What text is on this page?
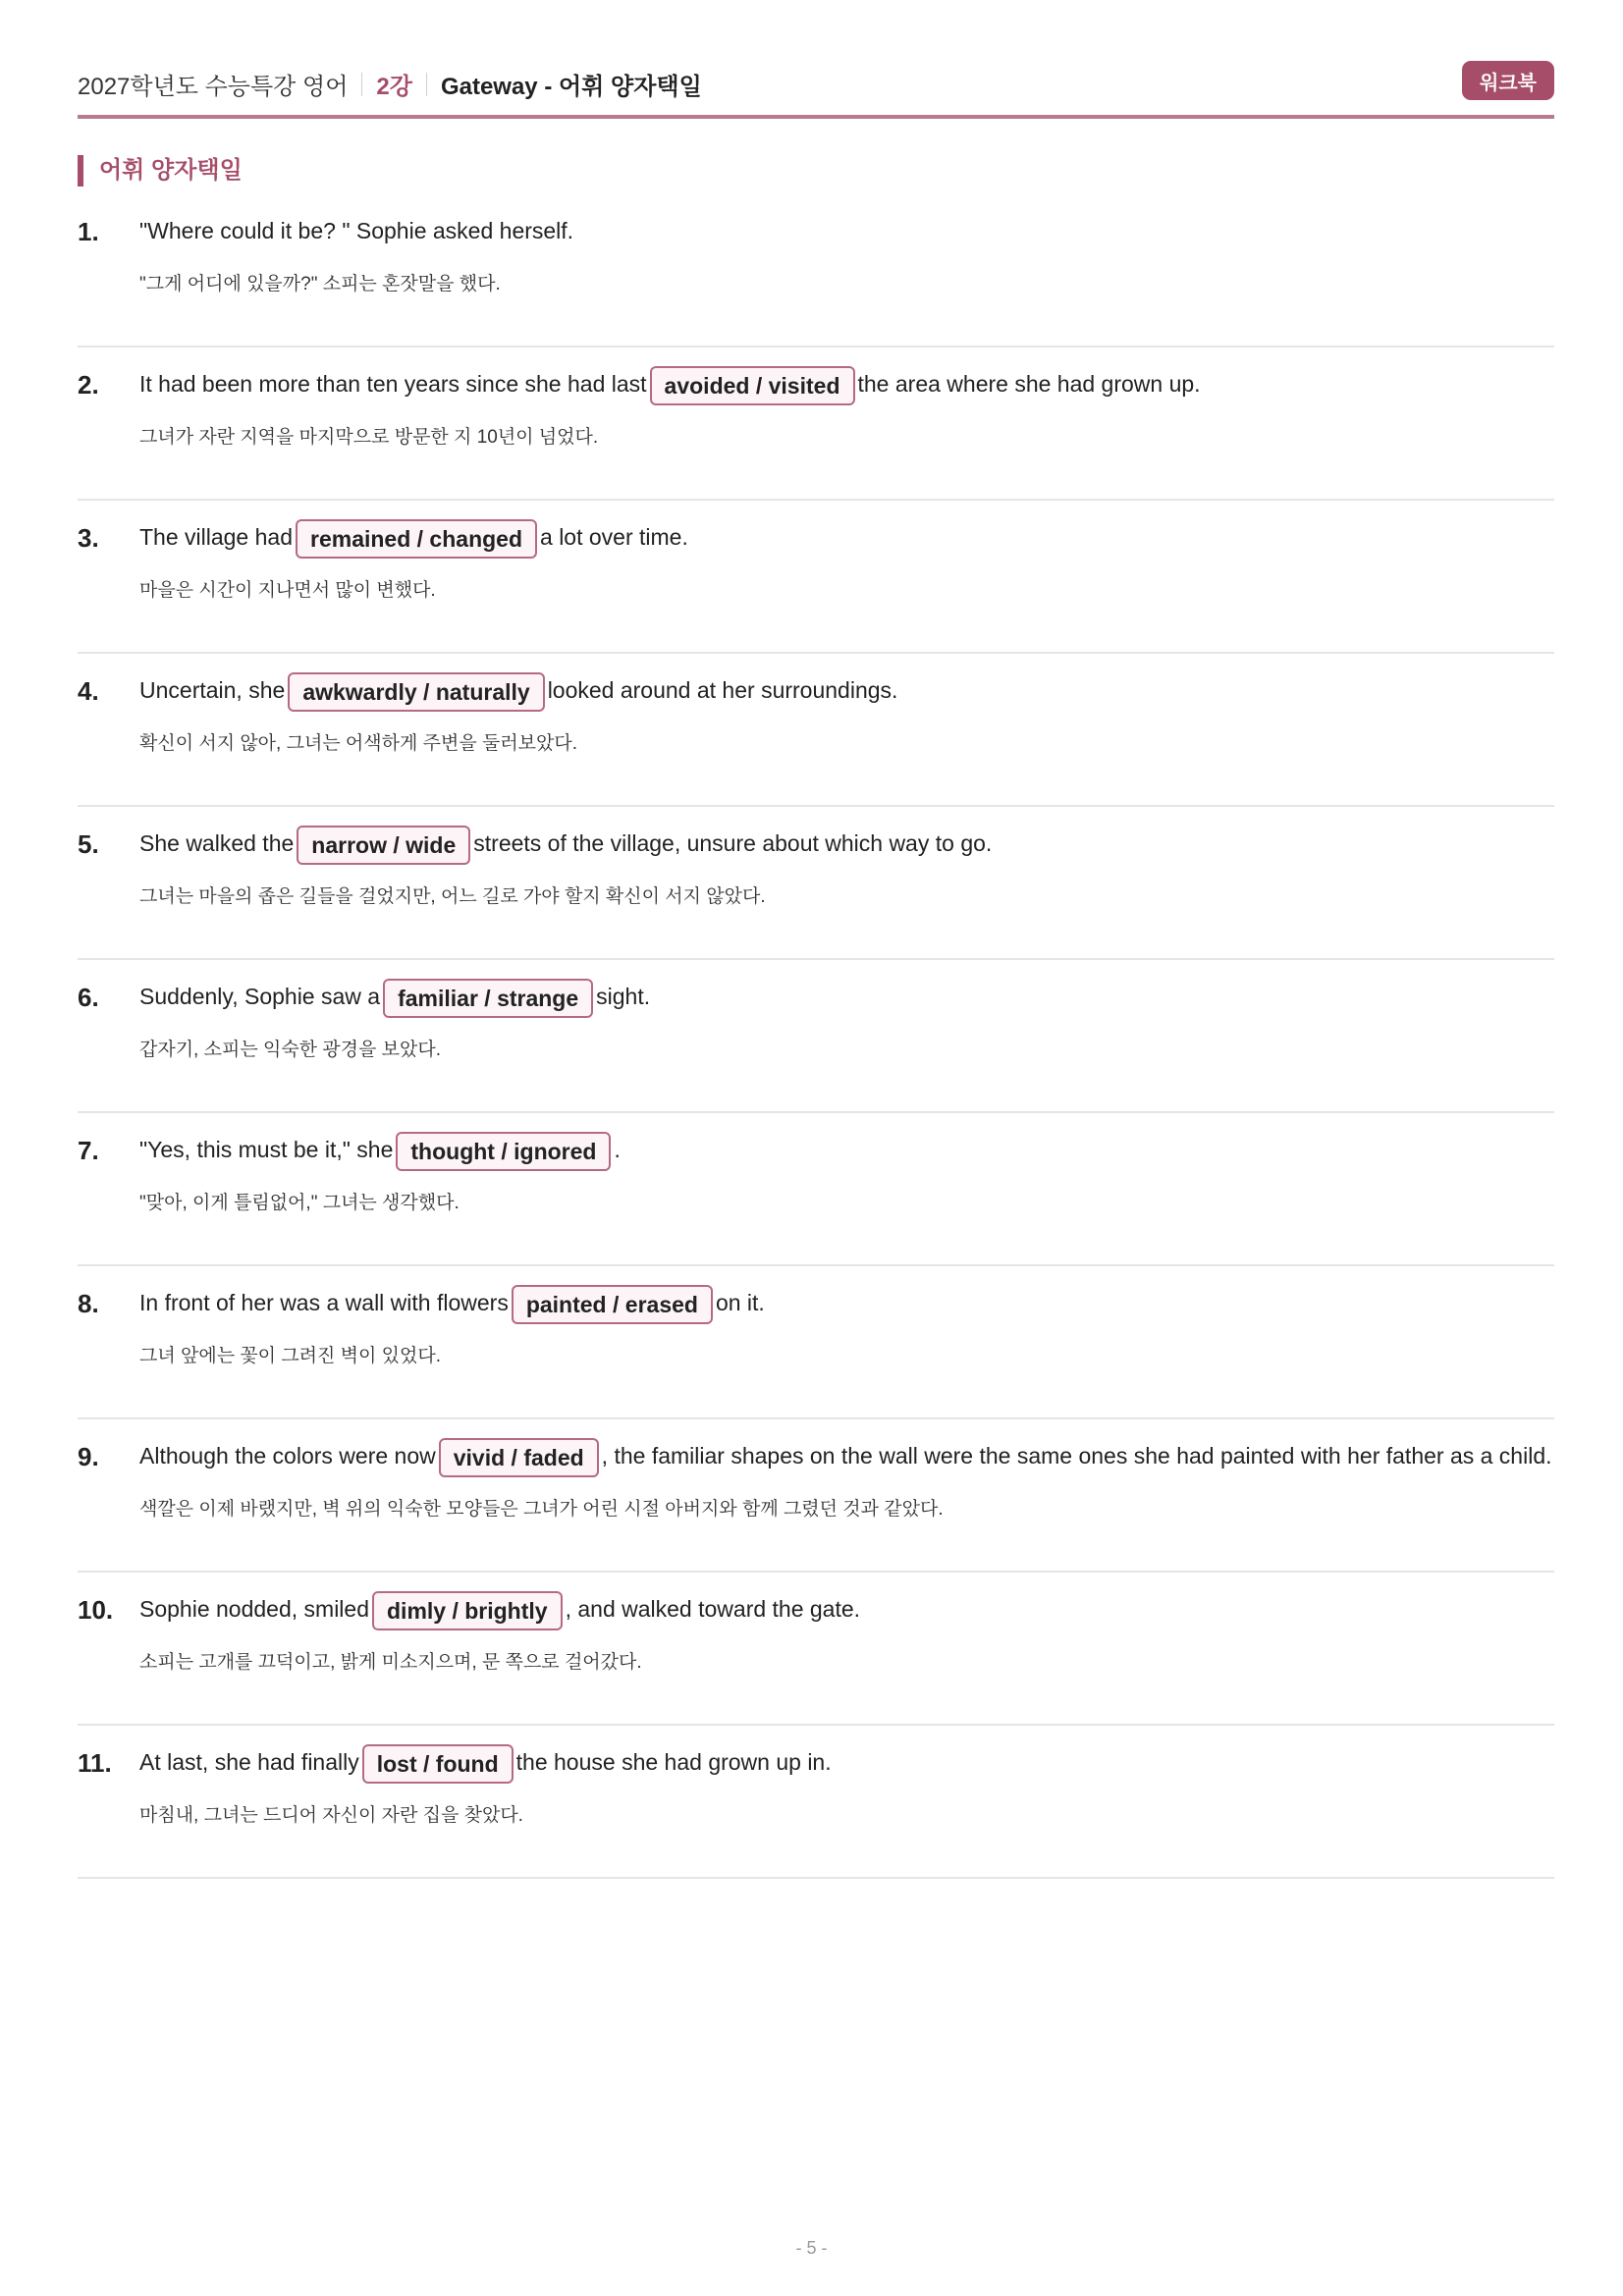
2027학년도 수능특강 영어 2강 Gateway - 어휘 양자택일	워크북
어휘 양자택일
1.	"Where could it be? " Sophie asked herself.
"그게 어디에 있을까?" 소피는 혼잣말을 했다.
2.	It had been more than ten years since she had last avoided / visited the area where she had grown up.
그녀가 자란 지역을 마지막으로 방문한 지 10년이 넘었다.
3.	The village had remained / changed a lot over time.
마을은 시간이 지나면서 많이 변했다.
4.	Uncertain, she awkwardly / naturally looked around at her surroundings.
확신이 서지 않아, 그녀는 어색하게 주변을 둘러보았다.
5.	She walked the narrow / wide streets of the village, unsure about which way to go.
그녀는 마을의 좁은 길들을 걸었지만, 어느 길로 가야 할지 확신이 서지 않았다.
6.	Suddenly, Sophie saw a familiar / strange sight.
갑자기, 소피는 익숙한 광경을 보았다.
7.	"Yes, this must be it," she thought / ignored .
"맞아, 이게 틀림없어," 그녀는 생각했다.
8.	In front of her was a wall with flowers painted / erased on it.
그녀 앞에는 꽃이 그려진 벽이 있었다.
9.	Although the colors were now vivid / faded , the familiar shapes on the wall were the same ones she had painted with her father as a child.
색깔은 이제 바랬지만, 벽 위의 익숙한 모양들은 그녀가 어린 시절 아버지와 함께 그렸던 것과 같았다.
10.	Sophie nodded, smiled dimly / brightly , and walked toward the gate.
소피는 고개를 끄덕이고, 밝게 미소지으며, 문 쪽으로 걸어갔다.
11.	At last, she had finally lost / found the house she had grown up in.
마침내, 그녀는 드디어 자신이 자란 집을 찾았다.
- 5 -
